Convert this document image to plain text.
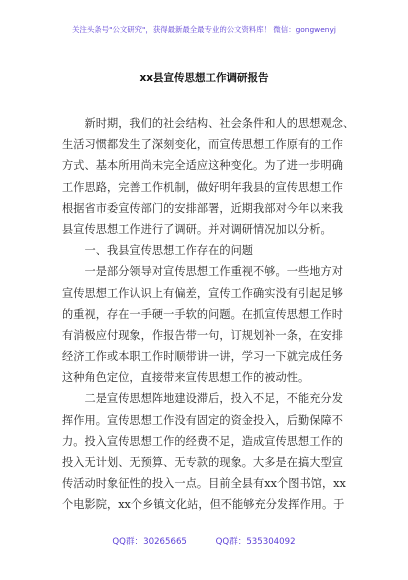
关注头条号"公文研究"，获得最新最全最专业的公文资料库！ 微信：gongwenyj
xx县宣传思想工作调研报告
　　新时期，我们的社会结构、社会条件和人的思想观念、
生活习惯都发生了深刻变化，而宣传思想工作原有的工作
方式、基本所用尚未完全适应这种变化。为了进一步明确
工作思路，完善工作机制，做好明年我县的宣传思想工作
根据省市委宣传部门的安排部署，近期我部对今年以来我
县宣传思想工作进行了调研。并对调研情况加以分析。
　　一、我县宣传思想工作存在的问题
　　一是部分领导对宣传思想工作重视不够。一些地方对
宣传思想工作认识上有偏差，宣传工作确实没有引起足够
的重视，存在一手硬一手软的问题。在抓宣传思想工作时
有消极应付现象，作报告带一句，订规划补一条，在安排
经济工作或本职工作时顺带讲一讲，学习一下就完成任务
这种角色定位，直接带来宣传思想工作的被动性。
　　二是宣传思想阵地建设滞后，投入不足，不能充分发
挥作用。宣传思想工作没有固定的资金投入，后勤保障不
力。投入宣传思想工作的经费不足，造成宣传思想工作的
投入无计划、无预算、无专款的现象。大多是在搞大型宣
传活动时象征性的投入一点。目前全县有xx个图书馆，xx
个电影院，xx个乡镇文化站，但不能够充分发挥作用。于
QQ群：30265665	QQ群：535304092
